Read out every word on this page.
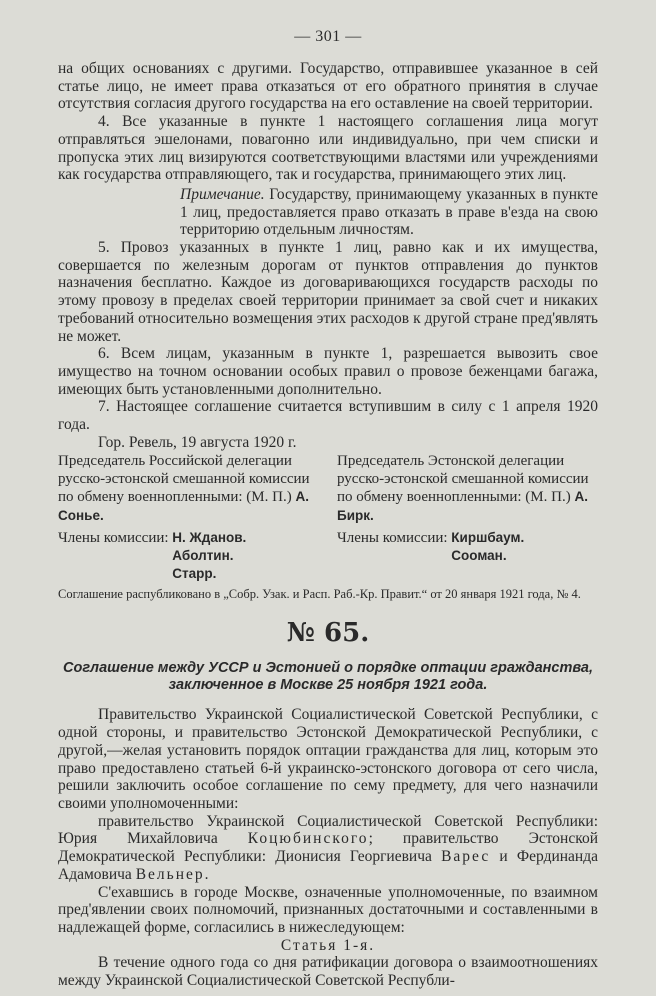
— 301 —

на общих основаниях с другими. Государство, отправившее указанное в сей статье лицо, не имеет права отказаться от его обратного принятия в случае отсутствия согласия другого государства на его оставление на своей территории.

4. Все указанные в пункте 1 настоящего соглашения лица могут отправляться эшелонами, повагонно или индивидуально, при чем списки и пропуска этих лиц визируются соответствующими властями или учреждениями как государства отправляющего, так и государства, принимающего этих лиц.

Примечание. Государству, принимающему указанных в пункте 1 лиц, предоставляется право отказать в праве в'езда на свою территорию отдельным личностям.

5. Провоз указанных в пункте 1 лиц, равно как и их имущества, совершается по железным дорогам от пунктов отправления до пунктов назначения бесплатно. Каждое из договаривающихся государств расходы по этому провозу в пределах своей территории принимает за свой счет и никаких требований относительно возмещения этих расходов к другой стране пред'являть не может.

6. Всем лицам, указанным в пункте 1, разрешается вывозить свое имущество на точном основании особых правил о провозе беженцами багажа, имеющих быть установленными дополнительно.

7. Настоящее соглашение считается вступившим в силу с 1 апреля 1920 года.

Гор. Ревель, 19 августа 1920 г.

Председатель Российской делегации русско-эстонской смешанной комиссии по обмену военнопленными: (М. П.) А. Сонье.
Председатель Эстонской делегации русско-эстонской смешанной комиссии по обмену военнопленными: (М. П.) А. Бирк.
Члены комиссии: Н. Жданов.
Аболтин.
Старр.
Члены комиссии: Киршбаум.
Сооман.

Соглашение распубликовано в „Собр. Узак. и Расп. Раб.-Кр. Правит.“ от 20 января 1921 года, № 4.

№ 65.
Соглашение между УССР и Эстонией о порядке оптации гражданства, заключенное в Москве 25 ноября 1921 года.

Правительство Украинской Социалистической Советской Республики, с одной стороны, и правительство Эстонской Демократической Республики, с другой,—желая установить порядок оптации гражданства для лиц, которым это право предоставлено статьей 6-й украинско-эстонского договора от сего числа, решили заключить особое соглашение по сему предмету, для чего назначили своими уполномоченными:

правительство Украинской Социалистической Советской Республики: Юрия Михайловича Коцюбинского; правительство Эстонской Демократической Республики: Дионисия Георгиевича Варес и Фердинанда Адамовича Вельнер.

С'ехавшись в городе Москве, означенные уполномоченные, по взаимном пред'явлении своих полномочий, признанных достаточными и составленными в надлежащей форме, согласились в нижеследующем:

Статья 1-я.

В течение одного года со дня ратификации договора о взаимоотношениях между Украинской Социалистической Советской Республи-
